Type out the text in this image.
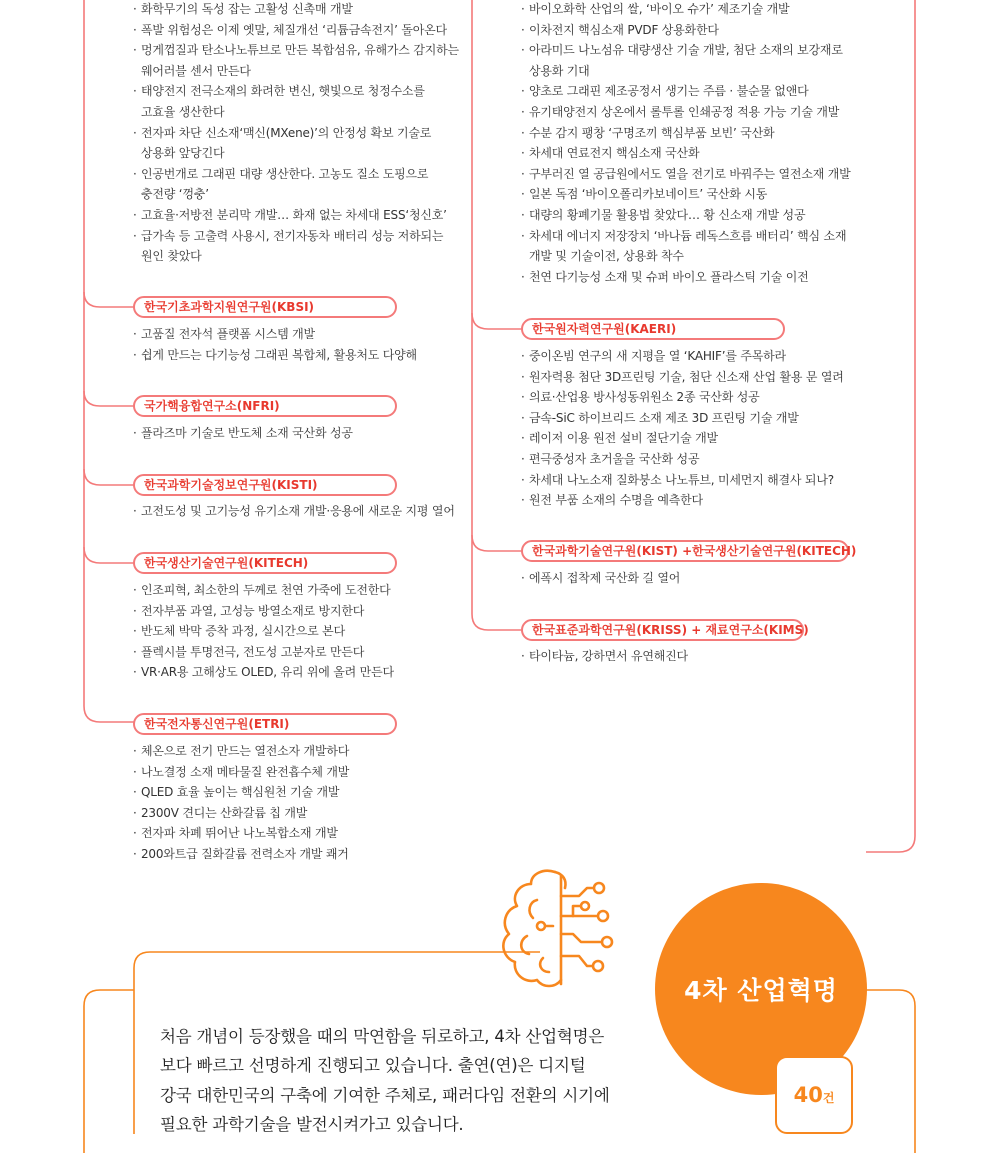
· 화학무기의 독성 잡는 고활성 신촉매 개발
· 폭발 위험성은 이제 옛말, 체질개선 ‘리튬금속전지’ 돌아온다
· 멍게껍질과 탄소나노튜브로 만든 복합섬유, 유해가스 감지하는
웨어러블 센서 만든다
· 태양전지 전극소재의 화려한 변신, 햇빛으로 청정수소를
고효율 생산한다
· 전자파 차단 신소재‘맥신(MXene)’의 안정성 확보 기술로
상용화 앞당긴다
· 인공번개로 그래핀 대량 생산한다. 고농도 질소 도핑으로
충전량 ‘껑충’
· 고효율·저방전 분리막 개발… 화재 없는 차세대 ESS‘청신호’
· 급가속 등 고출력 사용시, 전기자동차 배터리 성능 저하되는
원인 찾았다
한국기초과학지원연구원(KBSI)
· 고품질 전자석 플랫폼 시스템 개발
· 쉽게 만드는 다기능성 그래핀 복합체, 활용처도 다양해
국가핵융합연구소(NFRI)
· 플라즈마 기술로 반도체 소재 국산화 성공
한국과학기술정보연구원(KISTI)
· 고전도성 및 고기능성 유기소재 개발·응용에 새로운 지평 열어
한국생산기술연구원(KITECH)
· 인조피혁, 최소한의 두께로 천연 가죽에 도전한다
· 전자부품 과열, 고성능 방열소재로 방지한다
· 반도체 박막 증착 과정, 실시간으로 본다
· 플렉시블 투명전극, 전도성 고분자로 만든다
· VR·AR용 고해상도 OLED, 유리 위에 올려 만든다
한국전자통신연구원(ETRI)
· 체온으로 전기 만드는 열전소자 개발하다
· 나노결정 소재 메타물질 완전흡수체 개발
· QLED 효율 높이는 핵심원천 기술 개발
· 2300V 견디는 산화갈륨 칩 개발
· 전자파 차폐 뛰어난 나노복합소재 개발
· 200와트급 질화갈륨 전력소자 개발 쾌거
· 바이오화학 산업의 쌀, ‘바이오 슈가’ 제조기술 개발
· 이차전지 핵심소재 PVDF 상용화한다
· 아라미드 나노섬유 대량생산 기술 개발, 첨단 소재의 보강재로
상용화 기대
· 양초로 그래핀 제조공정서 생기는 주름 · 불순물 없앤다
· 유기태양전지 상온에서 롤투롤 인쇄공정 적용 가능 기술 개발
· 수분 감지 팽창 ‘구명조끼 핵심부품 보빈’ 국산화
· 차세대 연료전지 핵심소재 국산화
· 구부러진 열 공급원에서도 열을 전기로 바꿔주는 열전소재 개발
· 일본 독점 ‘바이오폴리카보네이트’ 국산화 시동
· 대량의 황폐기물 활용법 찾았다… 황 신소재 개발 성공
· 차세대 에너지 저장장치 ‘바나듐 레독스흐름 배터리’ 핵심 소재
개발 및 기술이전, 상용화 착수
· 천연 다기능성 소재 및 슈퍼 바이오 플라스틱 기술 이전
한국원자력연구원(KAERI)
· 중이온빔 연구의 새 지평을 열 ‘KAHIF’를 주목하라
· 원자력용 첨단 3D프린팅 기술, 첨단 신소재 산업 활용 문 열려
· 의료·산업용 방사성동위원소 2종 국산화 성공
· 금속-SiC 하이브리드 소재 제조 3D 프린팅 기술 개발
· 레이저 이용 원전 설비 절단기술 개발
· 편극중성자 초거울을 국산화 성공
· 차세대 나노소재 질화붕소 나노튜브, 미세먼지 해결사 되나?
· 원전 부품 소재의 수명을 예측한다
한국과학기술연구원(KIST) +한국생산기술연구원(KITECH)
· 에폭시 접착제 국산화 길 열어
한국표준과학연구원(KRISS) + 재료연구소(KIMS)
· 타이타늄, 강하면서 유연해진다
4차 산업혁명
40건
처음 개념이 등장했을 때의 막연함을 뒤로하고, 4차 산업혁명은
보다 빠르고 선명하게 진행되고 있습니다. 출연(연)은 디지털
강국 대한민국의 구축에 기여한 주체로, 패러다임 전환의 시기에
필요한 과학기술을 발전시켜가고 있습니다.
